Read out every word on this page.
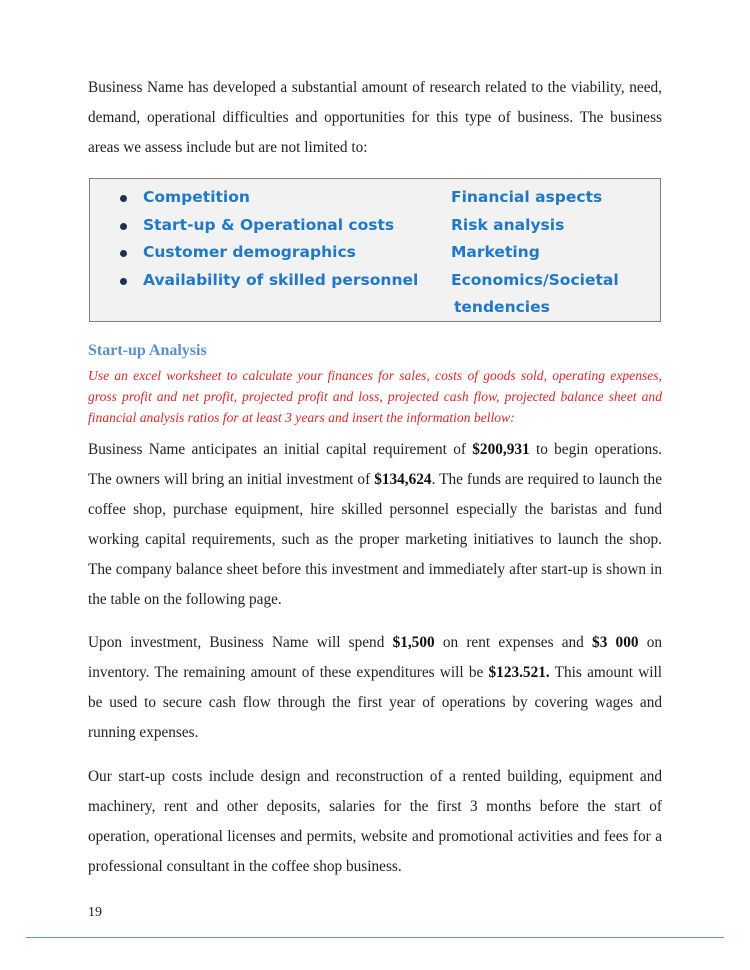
Business Name has developed a substantial amount of research related to the viability, need, demand, operational difficulties and opportunities for this type of business. The business areas we assess include but are not limited to:

Competition
Start-up & Operational costs
Customer demographics
Availability of skilled personnel
Financial aspects
Risk analysis
Marketing
Economics/Societal
tendencies
Start-up Analysis

Use an excel worksheet to calculate your finances for sales, costs of goods sold, operating expenses, gross profit and net profit, projected profit and loss, projected cash flow, projected balance sheet and financial analysis ratios for at least 3 years and insert the information bellow:

Business Name anticipates an initial capital requirement of $200,931 to begin operations. The owners will bring an initial investment of $134,624. The funds are required to launch the coffee shop, purchase equipment, hire skilled personnel especially the baristas and fund working capital requirements, such as the proper marketing initiatives to launch the shop. The company balance sheet before this investment and immediately after start-up is shown in the table on the following page.

Upon investment, Business Name will spend $1,500 on rent expenses and $3 000 on inventory. The remaining amount of these expenditures will be $123.521. This amount will be used to secure cash flow through the first year of operations by covering wages and running expenses.

Our start-up costs include design and reconstruction of a rented building, equipment and machinery, rent and other deposits, salaries for the first 3 months before the start of operation, operational licenses and permits, website and promotional activities and fees for a professional consultant in the coffee shop business.

19
